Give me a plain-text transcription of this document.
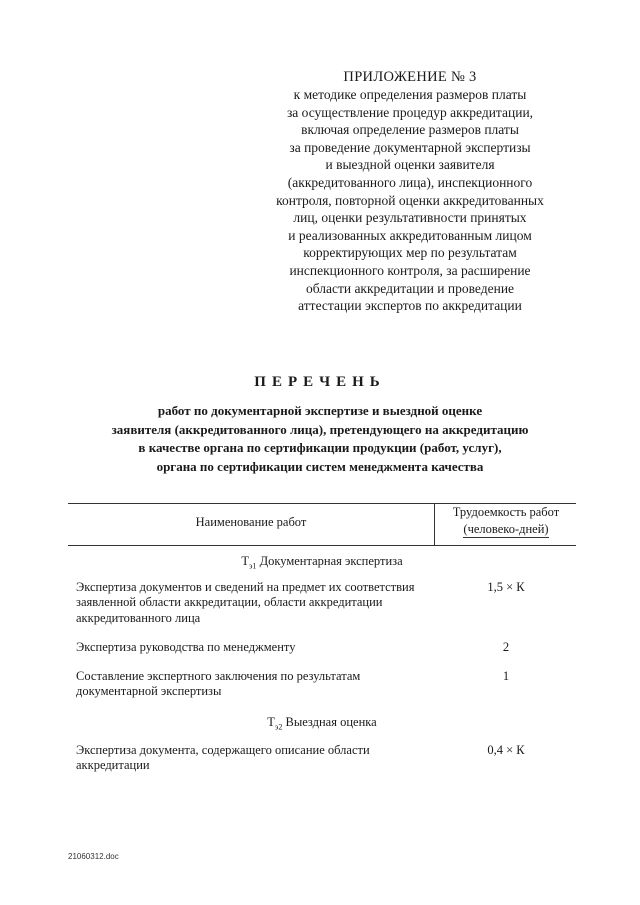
ПРИЛОЖЕНИЕ № 3
к методике определения размеров платы
за осуществление процедур аккредитации,
включая определение размеров платы
за проведение документарной экспертизы
и выездной оценки заявителя
(аккредитованного лица), инспекционного
контроля, повторной оценки аккредитованных
лиц, оценки результативности принятых
и реализованных аккредитованным лицом
корректирующих мер по результатам
инспекционного контроля, за расширение
области аккредитации и проведение
аттестации экспертов по аккредитации
ПЕРЕЧЕНЬ
работ по документарной экспертизе и выездной оценке
заявителя (аккредитованного лица), претендующего на аккредитацию
в качестве органа по сертификации продукции (работ, услуг),
органа по сертификации систем менеджмента качества
Наименование работ
Трудоемкость работ
(человеко-дней)
$Т_{э1}$ Документарная экспертиза
Экспертиза документов и сведений на предмет их соответствия
заявленной области аккредитации, области аккредитации
аккредитованного лица
1,5 × К
Экспертиза руководства по менеджменту	2
Составление экспертного заключения по результатам
документарной экспертизы
1
$Т_{э2}$ Выездная оценка
Экспертиза документа, содержащего описание области
аккредитации
0,4 × К
21060312.doc
